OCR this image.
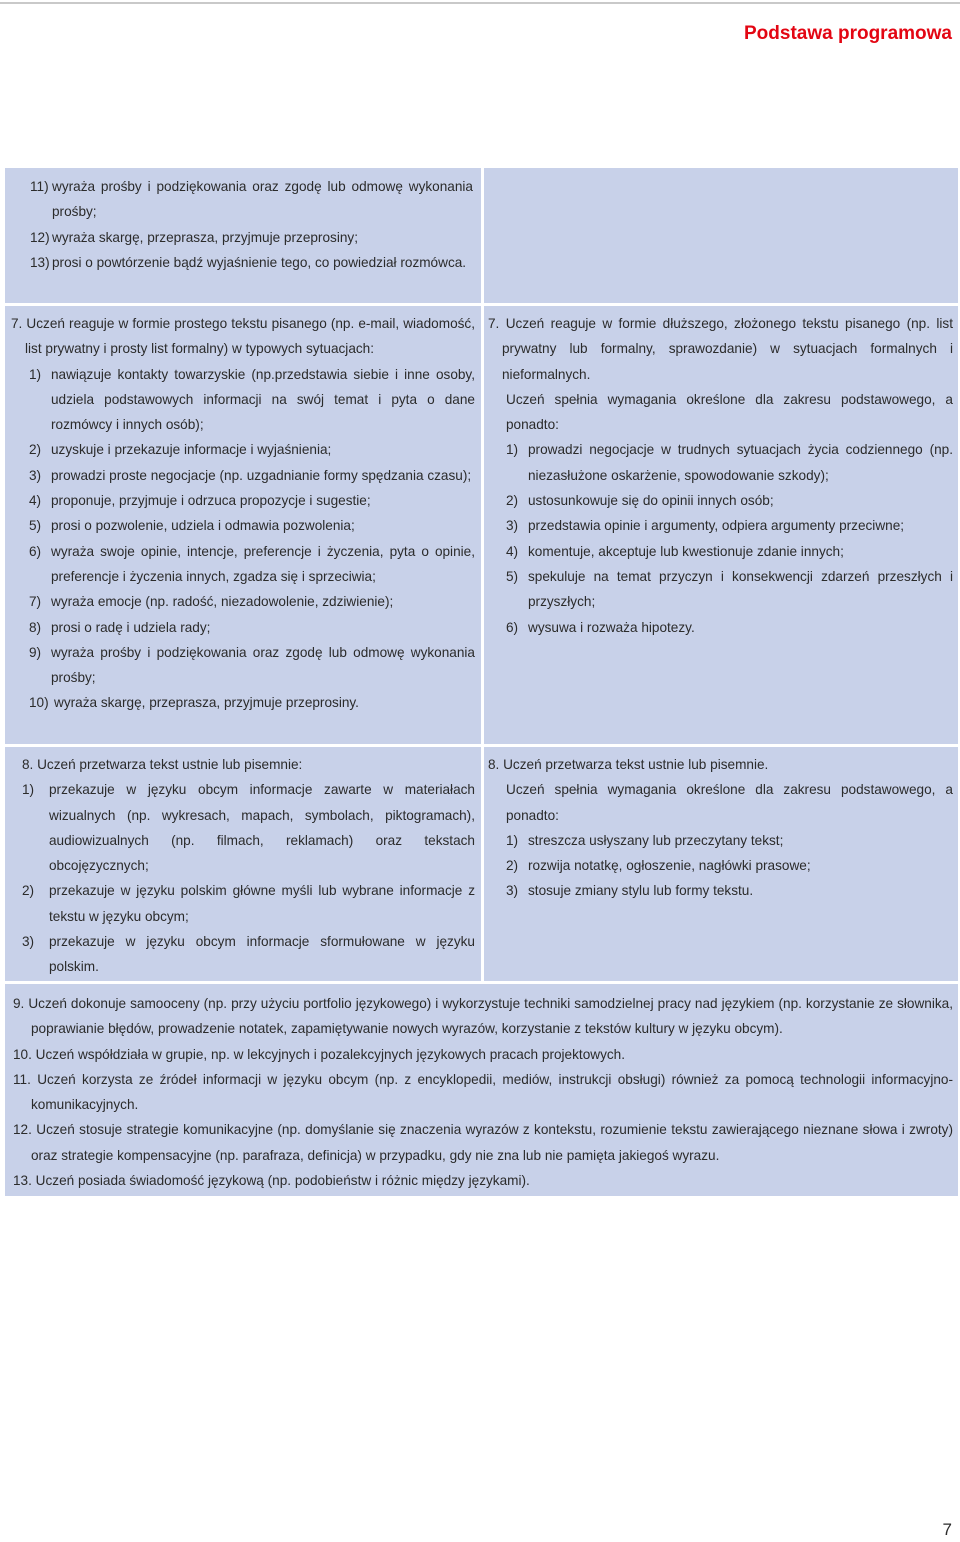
Podstawa programowa
11) wyraża prośby i podziękowania oraz zgodę lub odmowę wykonania prośby;
12) wyraża skargę, przeprasza, przyjmuje przeprosiny;
13) prosi o powtórzenie bądź wyjaśnienie tego, co powiedział rozmówca.

7. Uczeń reaguje w formie prostego tekstu pisanego (np. e-mail, wiadomość, list prywatny i prosty list formalny) w typowych sytuacjach:

1) nawiązuje kontakty towarzyskie (np.przedstawia siebie i inne osoby, udziela podstawowych informacji na swój temat i pyta o dane rozmówcy i innych osób);
2) uzyskuje i przekazuje informacje i wyjaśnienia;
3) prowadzi proste negocjacje (np. uzgadnianie formy spędzania czasu);
4) proponuje, przyjmuje i odrzuca propozycje i sugestie;
5) prosi o pozwolenie, udziela i odmawia pozwolenia;
6) wyraża swoje opinie, intencje, preferencje i życzenia, pyta o opinie, preferencje i życzenia innych, zgadza się i sprzeciwia;
7) wyraża emocje (np. radość, niezadowolenie, zdziwienie);
8) prosi o radę i udziela rady;
9) wyraża prośby i podziękowania oraz zgodę lub odmowę wykonania prośby;
10) wyraża skargę, przeprasza, przyjmuje przeprosiny.

7. Uczeń reaguje w formie dłuższego, złożonego tekstu pisanego (np. list prywatny lub formalny, sprawozdanie) w sytuacjach formalnych i nieformalnych.

Uczeń spełnia wymagania określone dla zakresu podstawowego, a ponadto:

1) prowadzi negocjacje w trudnych sytuacjach życia codziennego (np. niezasłużone oskarżenie, spowodowanie szkody);
2) ustosunkowuje się do opinii innych osób;
3) przedstawia opinie i argumenty, odpiera argumenty przeciwne;
4) komentuje, akceptuje lub kwestionuje zdanie innych;
5) spekuluje na temat przyczyn i konsekwencji zdarzeń przeszłych i przyszłych;
6) wysuwa i rozważa hipotezy.

8. Uczeń przetwarza tekst ustnie lub pisemnie:

1)	przekazuje w języku obcym informacje zawarte w materiałach wizualnych (np. wykresach, mapach, symbolach, piktogramach), audiowizualnych (np. filmach, reklamach) oraz tekstach obcojęzycznych;
2)	przekazuje w języku polskim główne myśli lub wybrane informacje z tekstu w języku obcym;
3)	przekazuje w języku obcym informacje sformułowane w języku polskim.

8. Uczeń przetwarza tekst ustnie lub pisemnie.

Uczeń spełnia wymagania określone dla zakresu podstawowego, a ponadto:

1) streszcza usłyszany lub przeczytany tekst;
2) rozwija notatkę, ogłoszenie, nagłówki prasowe;
3) stosuje zmiany stylu lub formy tekstu.

9. Uczeń dokonuje samooceny (np. przy użyciu portfolio językowego) i wykorzystuje techniki samodzielnej pracy nad językiem (np. korzystanie ze słownika, poprawianie błędów, prowadzenie notatek, zapamiętywanie nowych wyrazów, korzystanie z tekstów kultury w języku obcym).

10. Uczeń współdziała w grupie, np. w lekcyjnych i pozalekcyjnych językowych pracach projektowych.

11. Uczeń korzysta ze źródeł informacji w języku obcym (np. z encyklopedii, mediów, instrukcji obsługi) również za pomocą technologii informacyjno-komunikacyjnych.

12. Uczeń stosuje strategie komunikacyjne (np. domyślanie się znaczenia wyrazów z kontekstu, rozumienie tekstu zawierającego nieznane słowa i zwroty) oraz strategie kompensacyjne (np. parafraza, definicja) w przypadku, gdy nie zna lub nie pamięta jakiegoś wyrazu.

13. Uczeń posiada świadomość językową (np. podobieństw i różnic między językami).

7
